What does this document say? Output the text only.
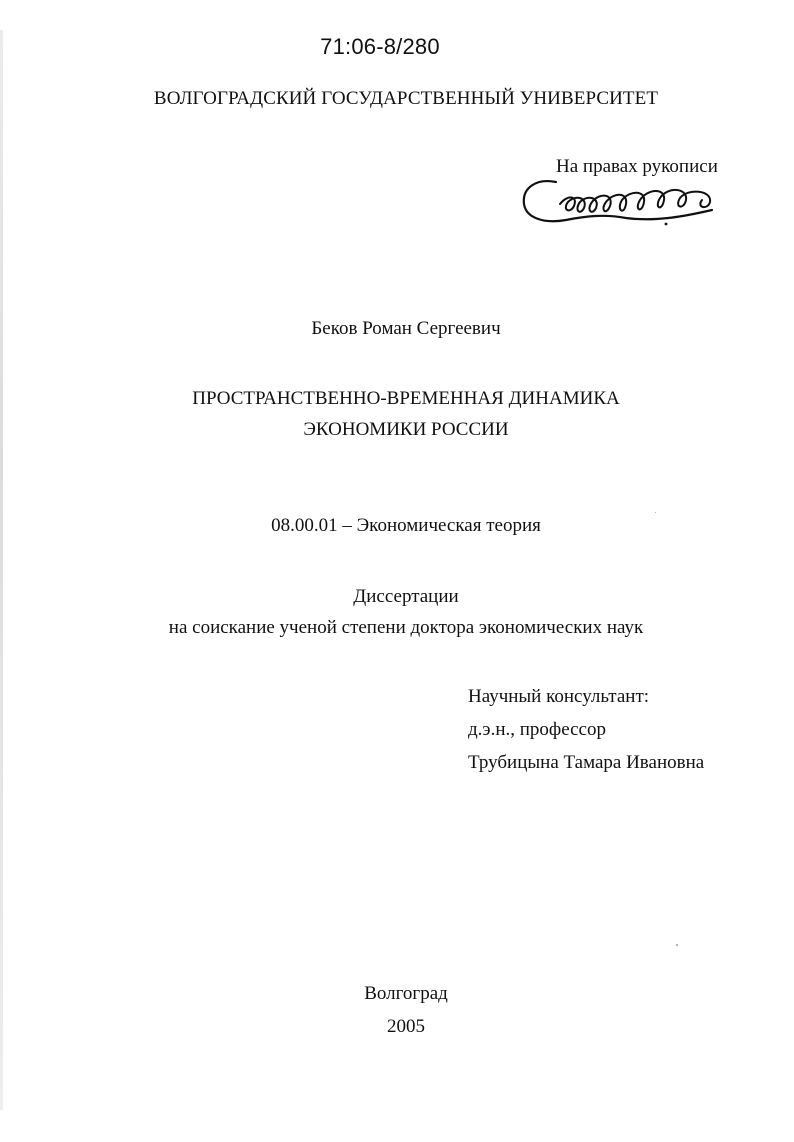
71:06-8/280
ВОЛГОГРАДСКИЙ ГОСУДАРСТВЕННЫЙ УНИВЕРСИТЕТ
На правах рукописи
Беков Роман Сергеевич
ПРОСТРАНСТВЕННО-ВРЕМЕННАЯ ДИНАМИКА
ЭКОНОМИКИ РОССИИ
08.00.01 – Экономическая теория
Диссертации
на соискание ученой степени доктора экономических наук
Научный консультант:
д.э.н., профессор
Трубицына Тамара Ивановна
Волгоград
2005
